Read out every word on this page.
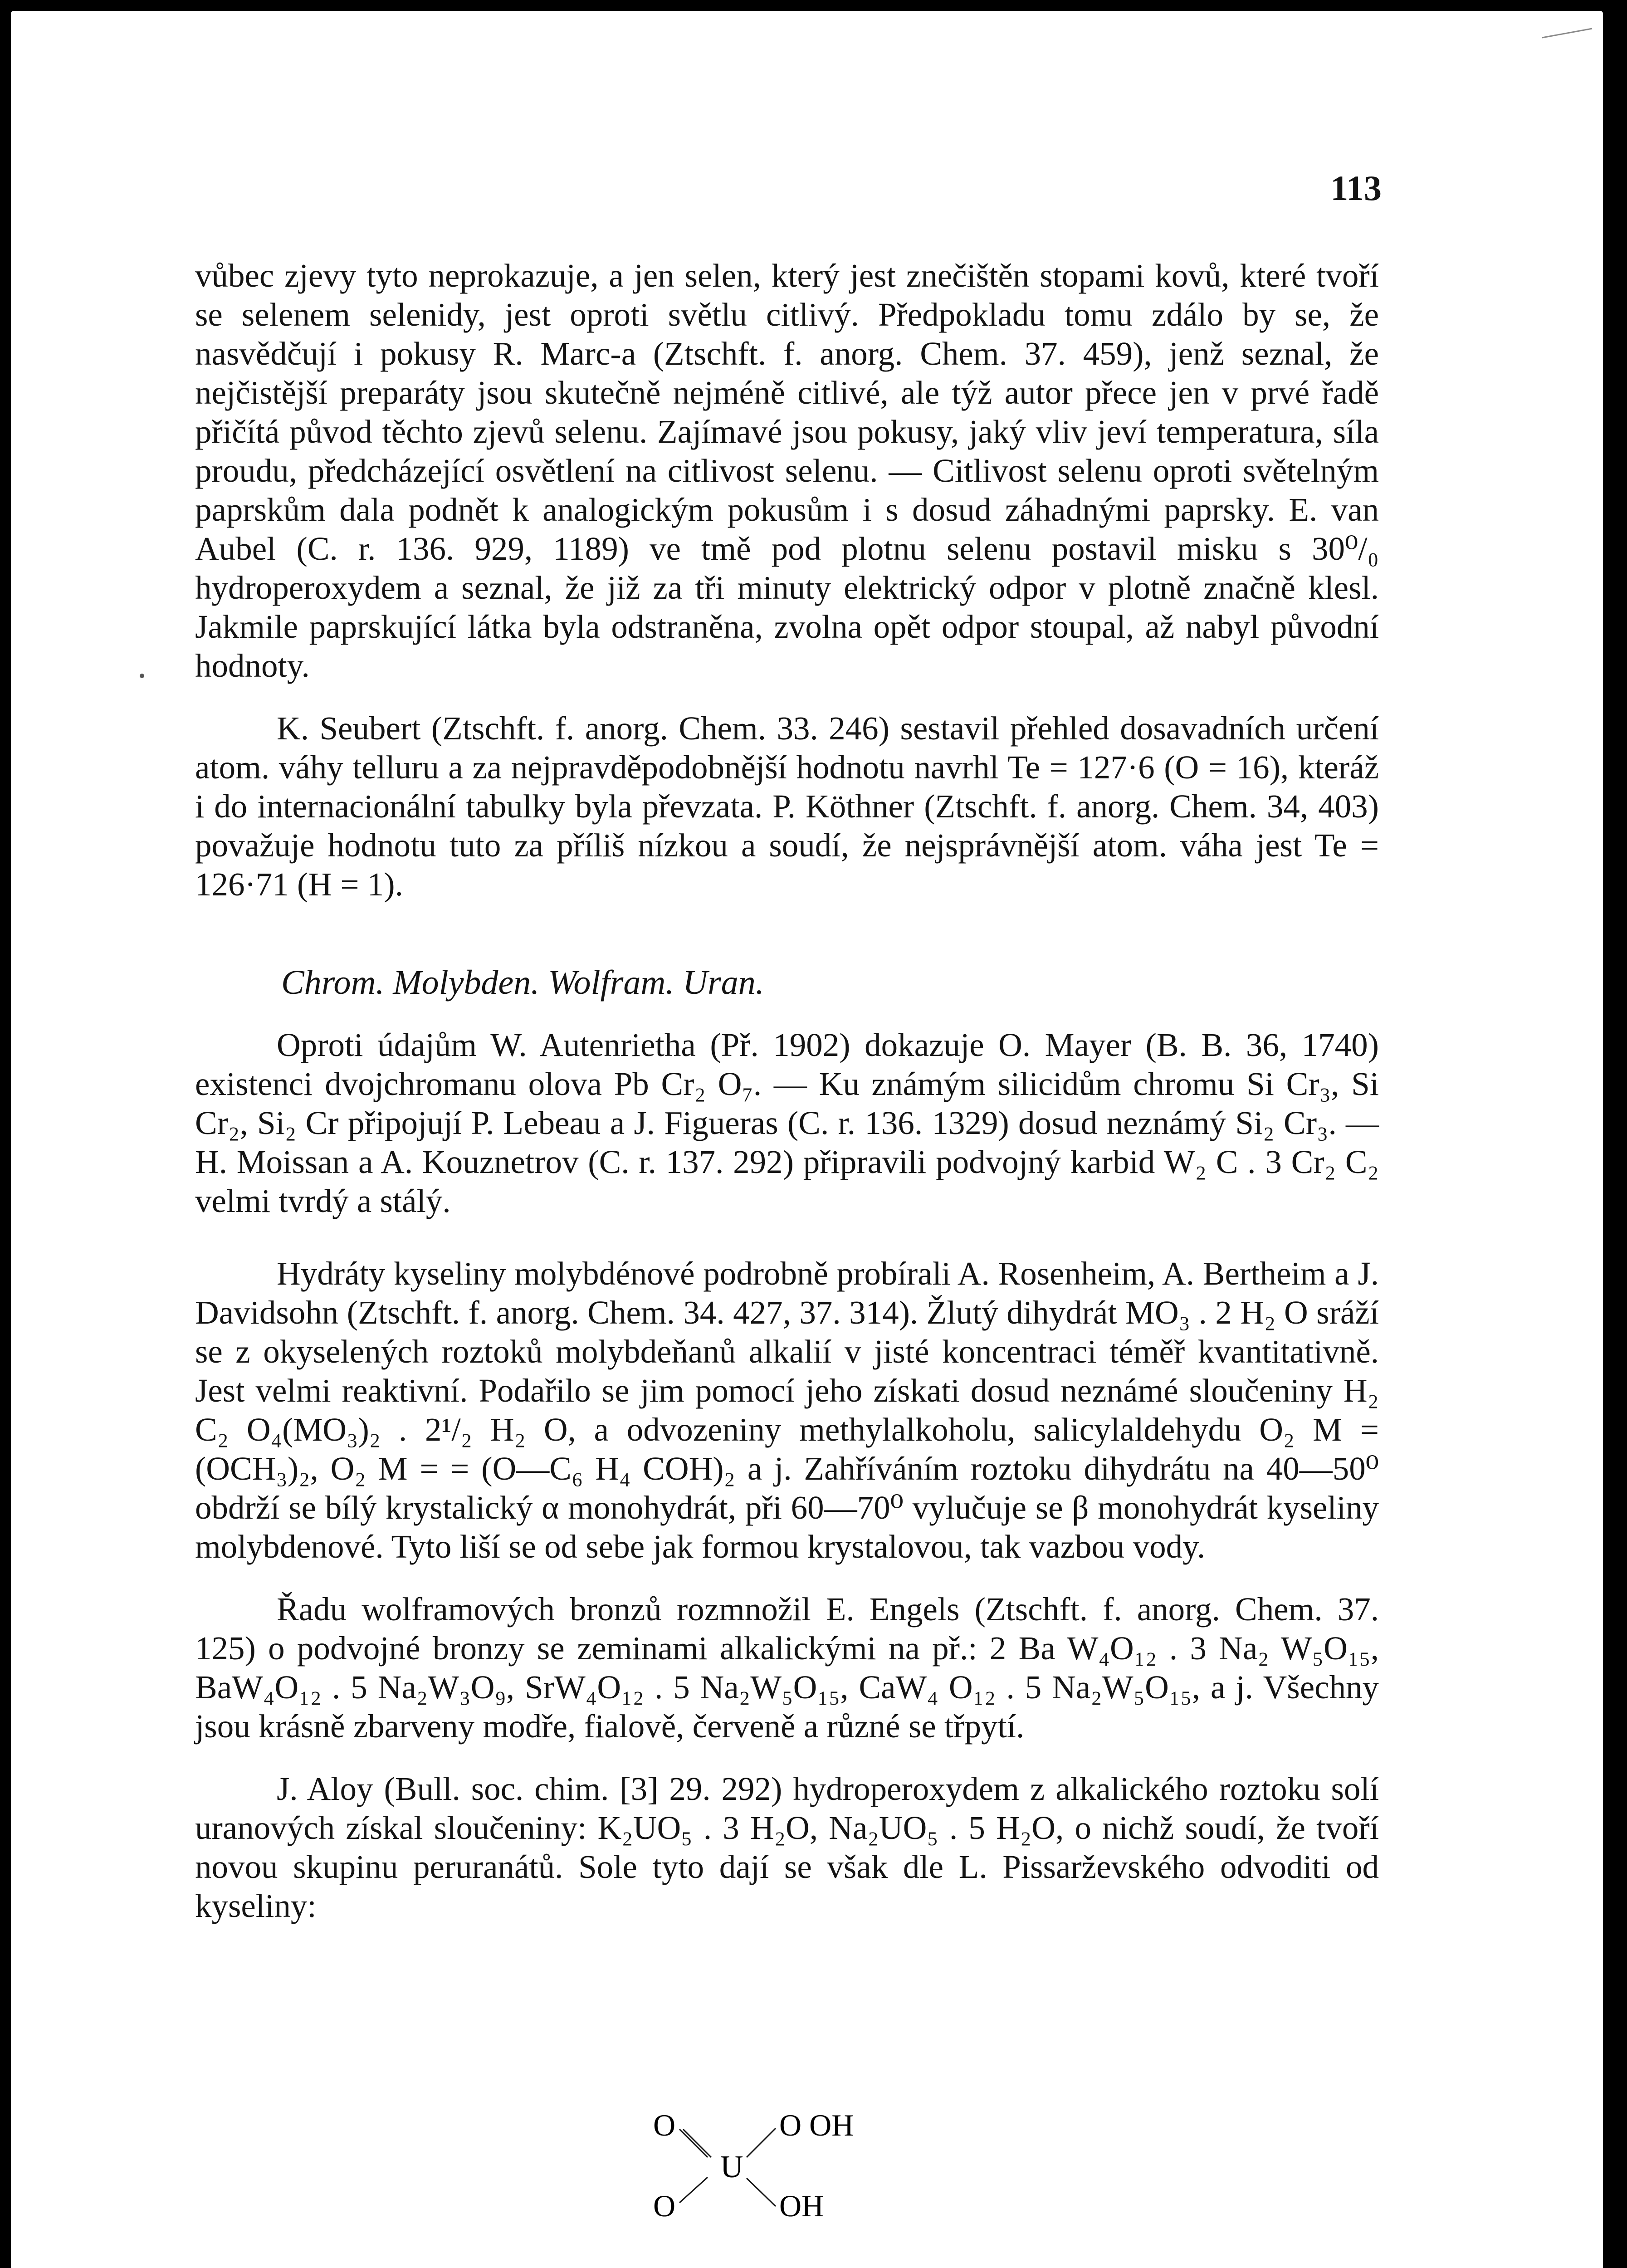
113

vůbec zjevy tyto neprokazuje, a jen selen, který jest znečištěn stopami kovů, které tvoří se selenem selenidy, jest oproti světlu citlivý. Předpokladu tomu zdálo by se, že nasvědčují i pokusy R. Marc-a (Ztschft. f. anorg. Chem. 37. 459), jenž seznal, že nejčistější preparáty jsou skutečně nejméně citlivé, ale týž autor přece jen v prvé řadě přičítá původ těchto zjevů selenu. Zajímavé jsou pokusy, jaký vliv jeví temperatura, síla proudu, předcházející osvětlení na citlivost selenu. — Citlivost selenu oproti světelným paprskům dala podnět k analogickým pokusům i s dosud záhadnými paprsky. E. van Aubel (C. r. 136. 929, 1189) ve tmě pod plotnu selenu postavil misku s 30⁰/₀ hydroperoxydem a seznal, že již za tři minuty elektrický odpor v plotně značně klesl. Jakmile paprskující látka byla odstraněna, zvolna opět odpor stoupal, až nabyl původní hodnoty.

K. Seubert (Ztschft. f. anorg. Chem. 33. 246) sestavil přehled dosavadních určení atom. váhy telluru a za nejpravděpodobnější hodnotu navrhl Te = 127·6 (O = 16), kteráž i do internacionální tabulky byla převzata. P. Köthner (Ztschft. f. anorg. Chem. 34, 403) považuje hodnotu tuto za příliš nízkou a soudí, že nejsprávnější atom. váha jest Te = 126·71 (H = 1).

Chrom. Molybden. Wolfram. Uran.

Oproti údajům W. Autenrietha (Př. 1902) dokazuje O. Mayer (B. B. 36, 1740) existenci dvojchromanu olova Pb Cr₂ O₇. — Ku známým silicidům chromu Si Cr₃, Si Cr₂, Si₂ Cr připojují P. Lebeau a J. Figueras (C. r. 136. 1329) dosud neznámý Si₂ Cr₃. — H. Moissan a A. Kouznetrov (C. r. 137. 292) připravili podvojný karbid W₂ C . 3 Cr₂ C₂ velmi tvrdý a stálý.

Hydráty kyseliny molybdénové podrobně probírali A. Rosenheim, A. Bertheim a J. Davidsohn (Ztschft. f. anorg. Chem. 34. 427, 37. 314). Žlutý dihydrát MO₃ . 2 H₂ O sráží se z okyselených roztoků molybdeňanů alkalií v jisté koncentraci téměř kvantitativně. Jest velmi reaktivní. Podařilo se jim pomocí jeho získati dosud neznámé sloučeniny H₂ C₂ O₄(MO₃)₂ . 2¹/₂ H₂ O, a odvozeniny methylalkoholu, salicylaldehydu O₂ M = (OCH₃)₂, O₂ M = = (O—C₆ H₄ COH)₂ a j. Zahříváním roztoku dihydrátu na 40—50⁰ obdrží se bílý krystalický α monohydrát, při 60—70⁰ vylučuje se β monohydrát kyseliny molybdenové. Tyto liší se od sebe jak formou krystalovou, tak vazbou vody.

Řadu wolframových bronzů rozmnožil E. Engels (Ztschft. f. anorg. Chem. 37. 125) o podvojné bronzy se zeminami alkalickými na př.: 2 Ba W₄O₁₂ . 3 Na₂ W₅O₁₅, BaW₄O₁₂ . 5 Na₂W₃O₉, SrW₄O₁₂ . 5 Na₂W₅O₁₅, CaW₄ O₁₂ . 5 Na₂W₅O₁₅, a j. Všechny jsou krásně zbarveny modře, fialově, červeně a různé se třpytí.

J. Aloy (Bull. soc. chim. [3] 29. 292) hydroperoxydem z alkalického roztoku solí uranových získal sloučeniny: K₂UO₅ . 3 H₂O, Na₂UO₅ . 5 H₂O, o nichž soudí, že tvoří novou skupinu peruranátů. Sole tyto dají se však dle L. Pissarževského odvoditi od kyseliny:

O
O
U
O OH
OH
